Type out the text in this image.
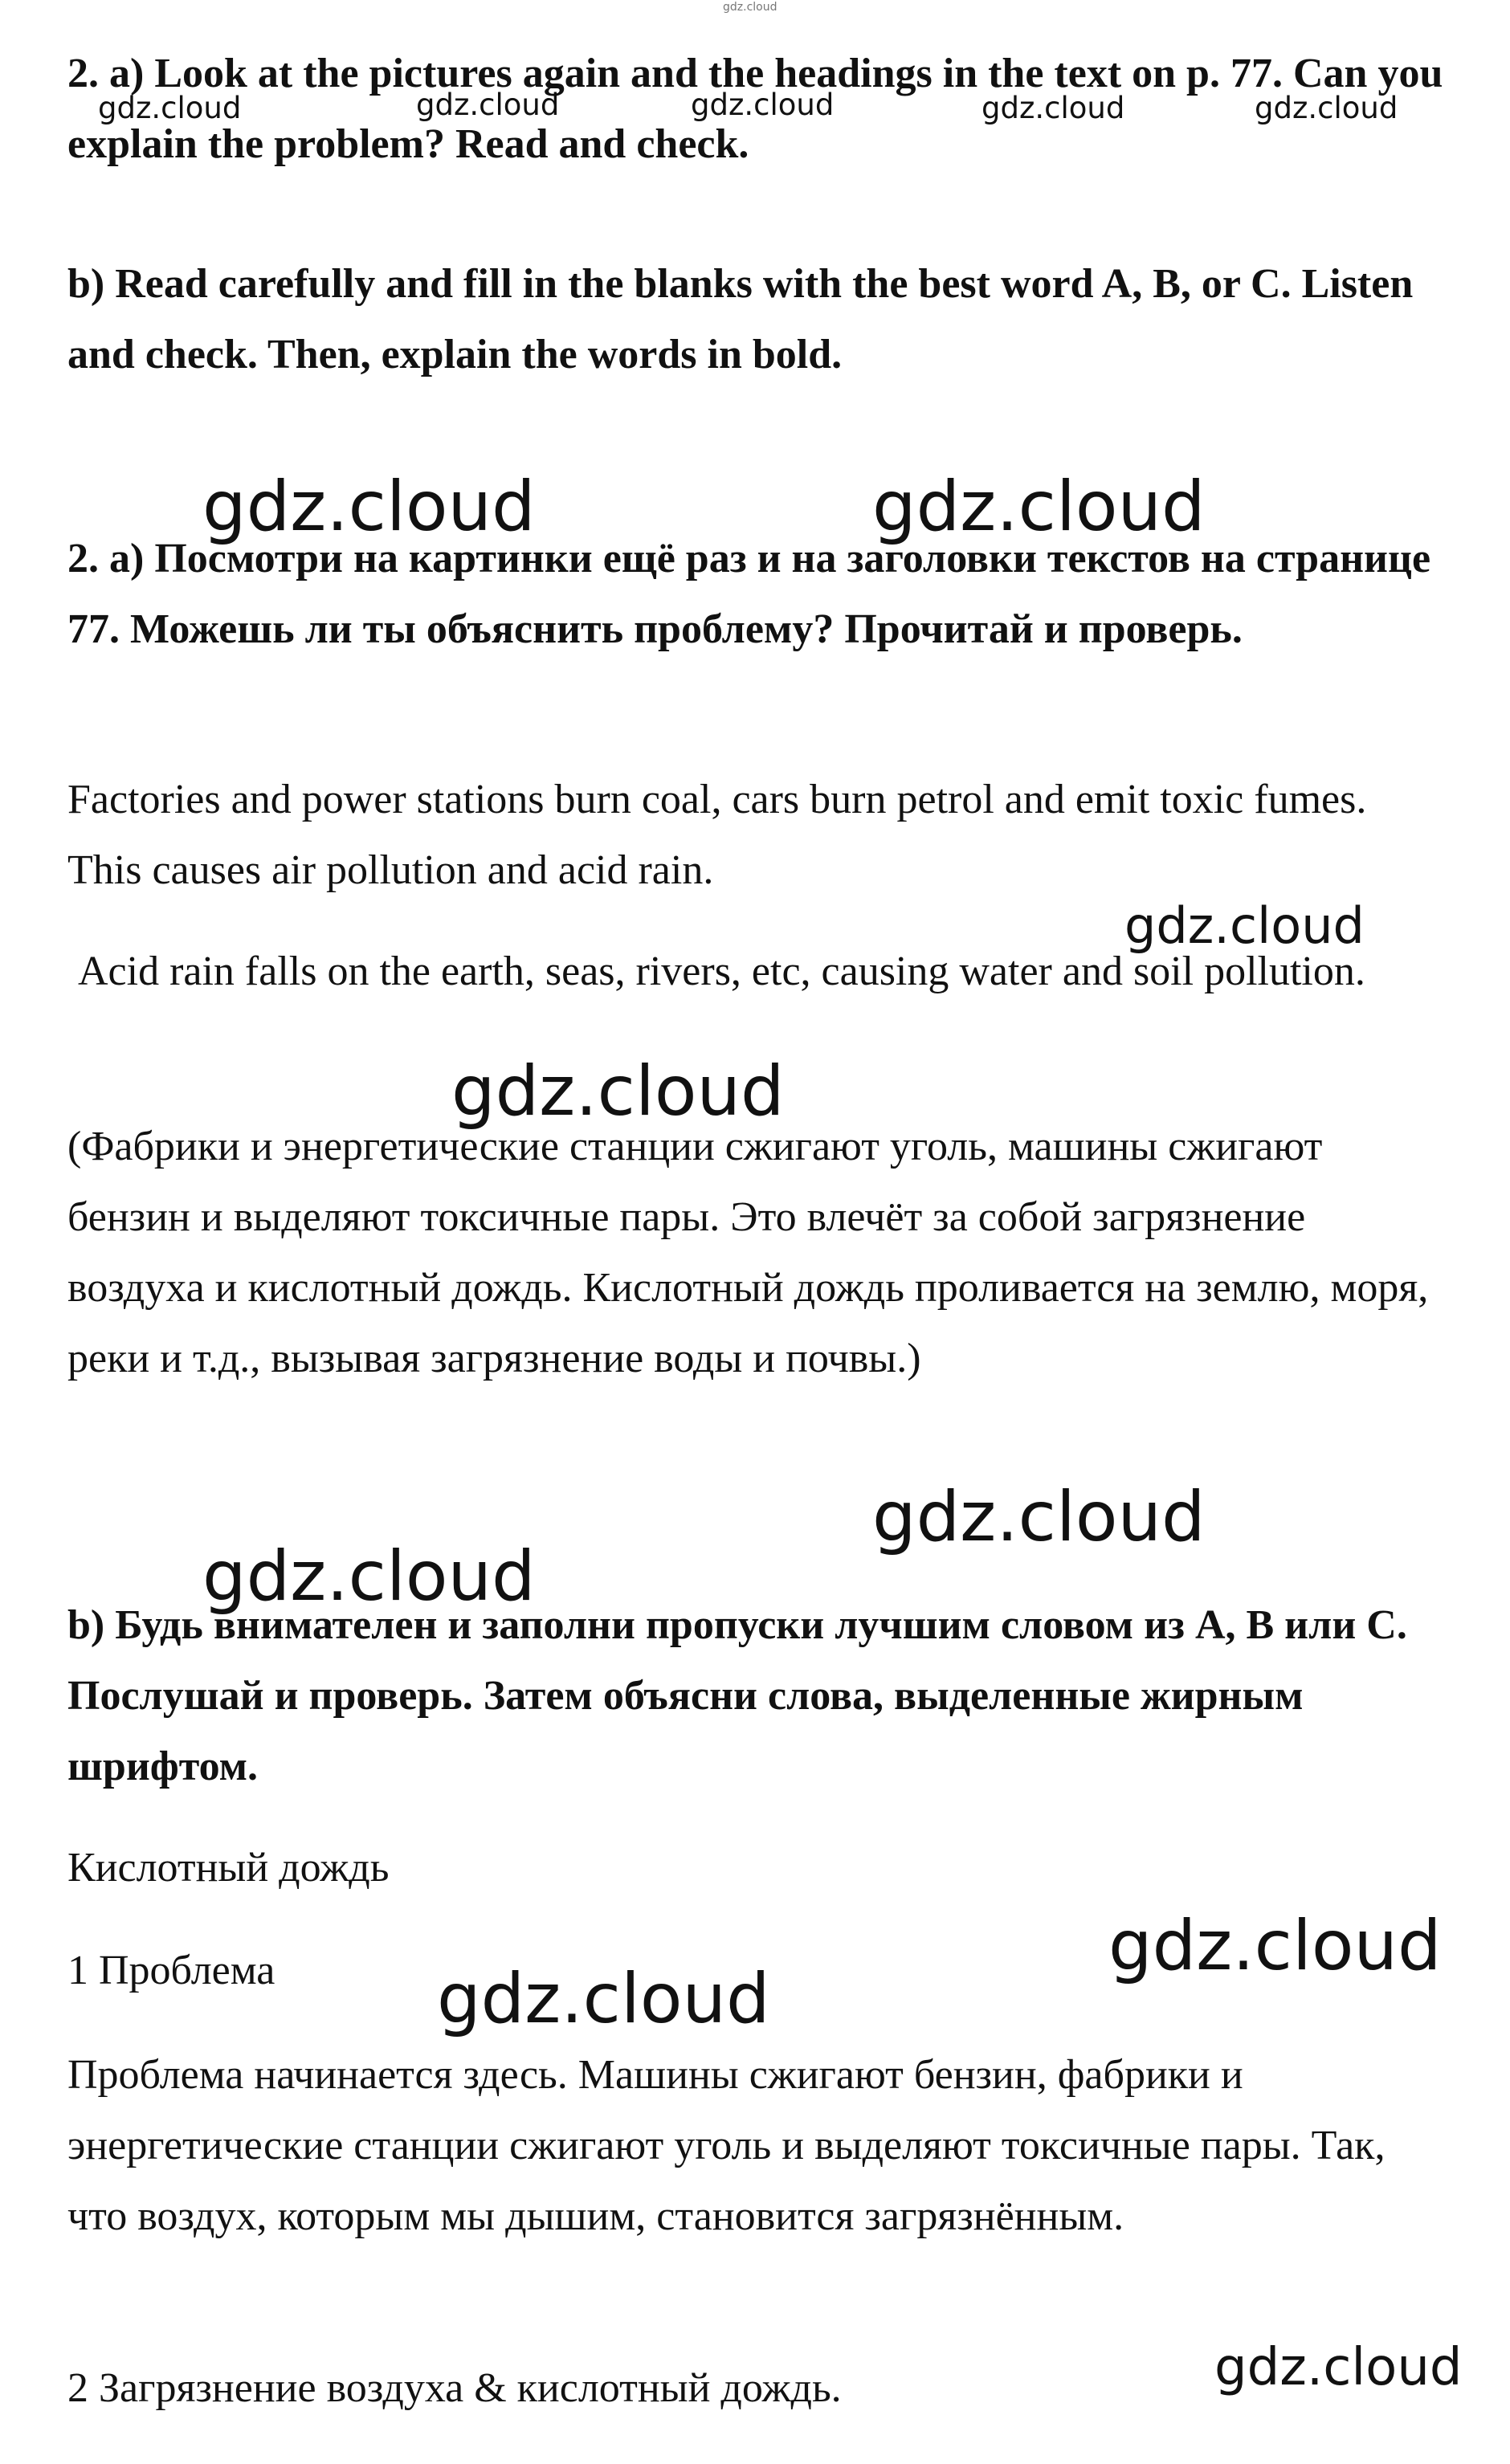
gdz.cloud

2. a) Look at the pictures again and the headings in the text on p. 77. Can you explain the problem? Read and check.

gdz.cloud	gdz.cloud	gdz.cloud	gdz.cloud	gdz.cloud

b) Read carefully and fill in the blanks with the best word A, B, or C. Listen and check. Then, explain the words in bold.

gdz.cloud	gdz.cloud

2. a) Посмотри на картинки ещё раз и на заголовки текстов на странице 77. Можешь ли ты объяснить проблему? Прочитай и проверь.

Factories and power stations burn coal, cars burn petrol and emit toxic fumes. This causes air pollution and acid rain.

gdz.cloud

Acid rain falls on the earth, seas, rivers, etc, causing water and soil pollution.

gdz.cloud

(Фабрики и энергетические станции сжигают уголь, машины сжигают бензин и выделяют токсичные пары. Это влечёт за собой загрязнение воздуха и кислотный дождь. Кислотный дождь проливается на землю, моря, реки и т.д., вызывая загрязнение воды и почвы.)

gdz.cloud
gdz.cloud

b) Будь внимателен и заполни пропуски лучшим словом из А, В или С. Послушай и проверь. Затем объясни слова, выделенные жирным шрифтом.

Кислотный дождь

gdz.cloud

1 Проблема	gdz.cloud

Проблема начинается здесь. Машины сжигают бензин, фабрики и энергетические станции сжигают уголь и выделяют токсичные пары. Так, что воздух, которым мы дышим, становится загрязнённым.

gdz.cloud

2 Загрязнение воздуха & кислотный дождь.
